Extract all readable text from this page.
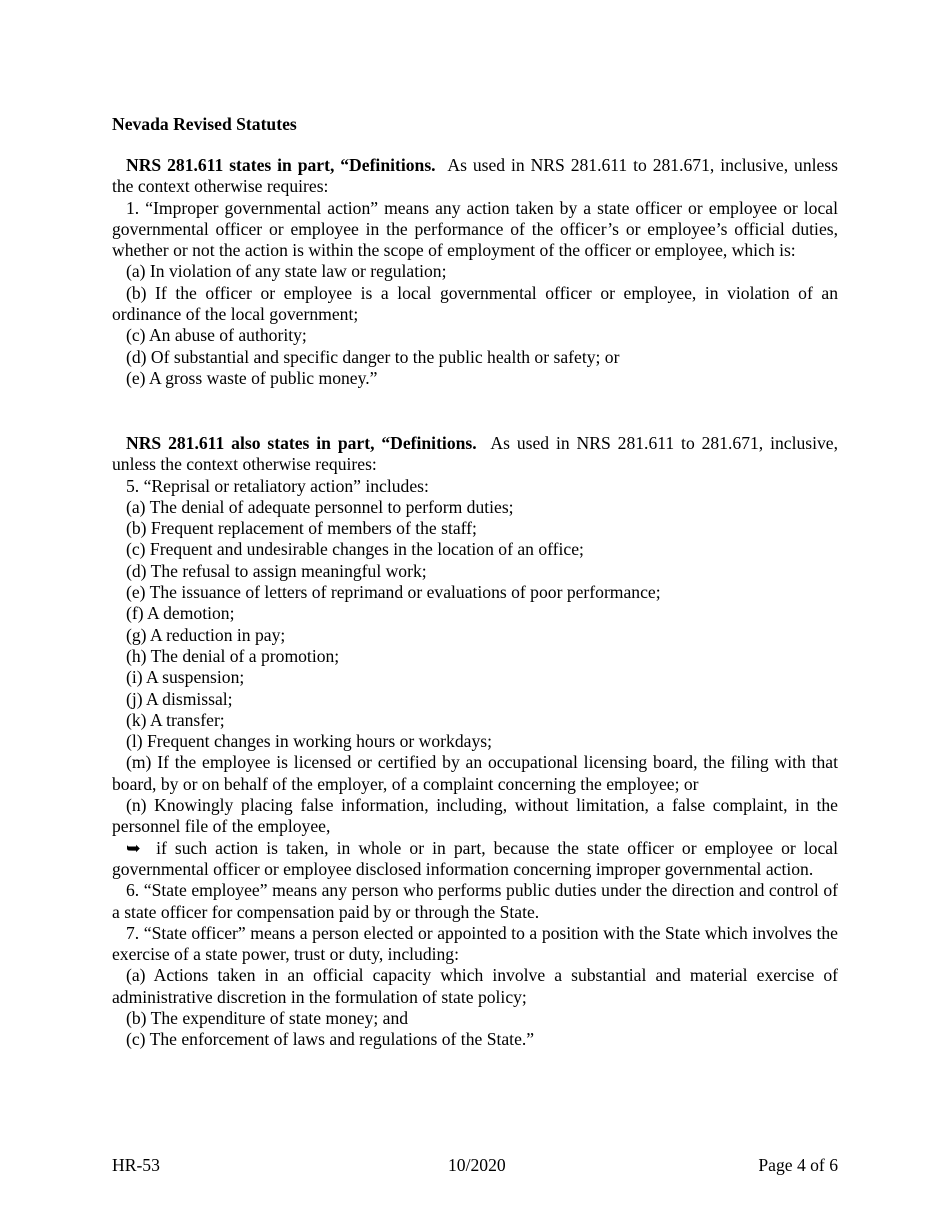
Nevada Revised Statutes

NRS 281.611 states in part, “Definitions. As used in NRS 281.611 to 281.671, inclusive, unless the context otherwise requires:

1. “Improper governmental action” means any action taken by a state officer or employee or local governmental officer or employee in the performance of the officer’s or employee’s official duties, whether or not the action is within the scope of employment of the officer or employee, which is:

(a) In violation of any state law or regulation;

(b) If the officer or employee is a local governmental officer or employee, in violation of an ordinance of the local government;

(c) An abuse of authority;

(d) Of substantial and specific danger to the public health or safety; or

(e) A gross waste of public money.”

NRS 281.611 also states in part, “Definitions. As used in NRS 281.611 to 281.671, inclusive, unless the context otherwise requires:

5. “Reprisal or retaliatory action” includes:

(a) The denial of adequate personnel to perform duties;

(b) Frequent replacement of members of the staff;

(c) Frequent and undesirable changes in the location of an office;

(d) The refusal to assign meaningful work;

(e) The issuance of letters of reprimand or evaluations of poor performance;

(f) A demotion;

(g) A reduction in pay;

(h) The denial of a promotion;

(i) A suspension;

(j) A dismissal;

(k) A transfer;

(l) Frequent changes in working hours or workdays;

(m) If the employee is licensed or certified by an occupational licensing board, the filing with that board, by or on behalf of the employer, of a complaint concerning the employee; or

(n) Knowingly placing false information, including, without limitation, a false complaint, in the personnel file of the employee,

➥ if such action is taken, in whole or in part, because the state officer or employee or local governmental officer or employee disclosed information concerning improper governmental action.

6. “State employee” means any person who performs public duties under the direction and control of a state officer for compensation paid by or through the State.

7. “State officer” means a person elected or appointed to a position with the State which involves the exercise of a state power, trust or duty, including:

(a) Actions taken in an official capacity which involve a substantial and material exercise of administrative discretion in the formulation of state policy;

(b) The expenditure of state money; and

(c) The enforcement of laws and regulations of the State.”

HR-53	10/2020	Page 4 of 6
